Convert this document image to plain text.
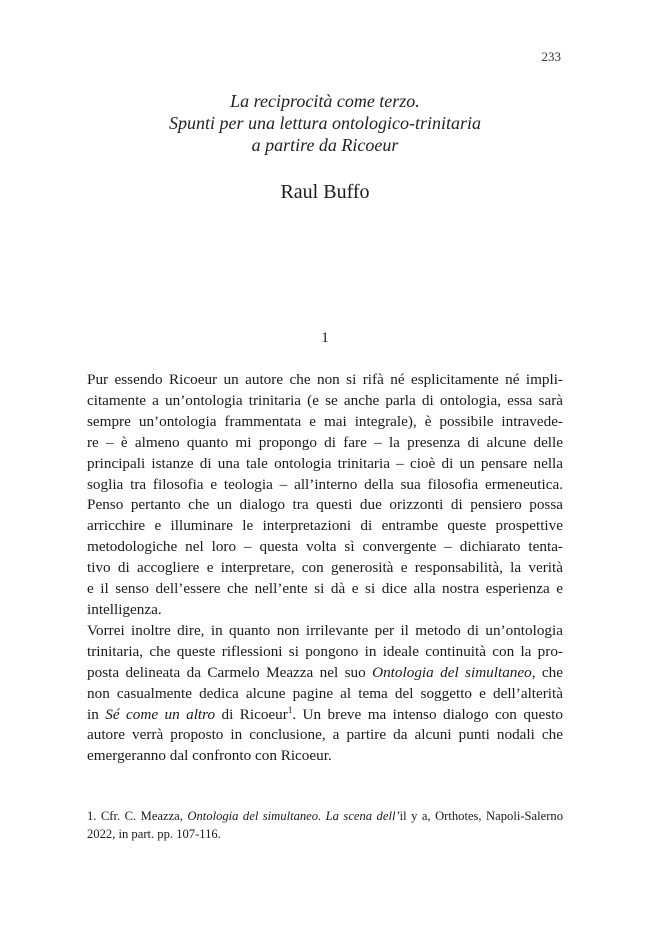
233
La reciprocità come terzo.
Spunti per una lettura ontologico-trinitaria
a partire da Ricoeur
Raul Buffo
1
Pur essendo Ricoeur un autore che non si rifà né esplicitamente né impli-
citamente a un’ontologia trinitaria (e se anche parla di ontologia, essa sarà
sempre un’ontologia frammentata e mai integrale), è possibile intravede-
re – è almeno quanto mi propongo di fare – la presenza di alcune delle
principali istanze di una tale ontologia trinitaria – cioè di un pensare nella
soglia tra filosofia e teologia – all’interno della sua filosofia ermeneutica.
Penso pertanto che un dialogo tra questi due orizzonti di pensiero possa
arricchire e illuminare le interpretazioni di entrambe queste prospettive
metodologiche nel loro – questa volta sì convergente – dichiarato tenta-
tivo di accogliere e interpretare, con generosità e responsabilità, la verità
e il senso dell’essere che nell’ente si dà e si dice alla nostra esperienza e
intelligenza.
Vorrei inoltre dire, in quanto non irrilevante per il metodo di un’ontologia
trinitaria, che queste riflessioni si pongono in ideale continuità con la pro-
posta delineata da Carmelo Meazza nel suo Ontologia del simultaneo, che
non casualmente dedica alcune pagine al tema del soggetto e dell’alterità
in Sé come un altro di Ricoeur$^1$. Un breve ma intenso dialogo con questo
autore verrà proposto in conclusione, a partire da alcuni punti nodali che
emergeranno dal confronto con Ricoeur.
1. Cfr. C. Meazza, Ontologia del simultaneo. La scena dell’il y a, Orthotes, Napoli-Salerno
2022, in part. pp. 107-116.
